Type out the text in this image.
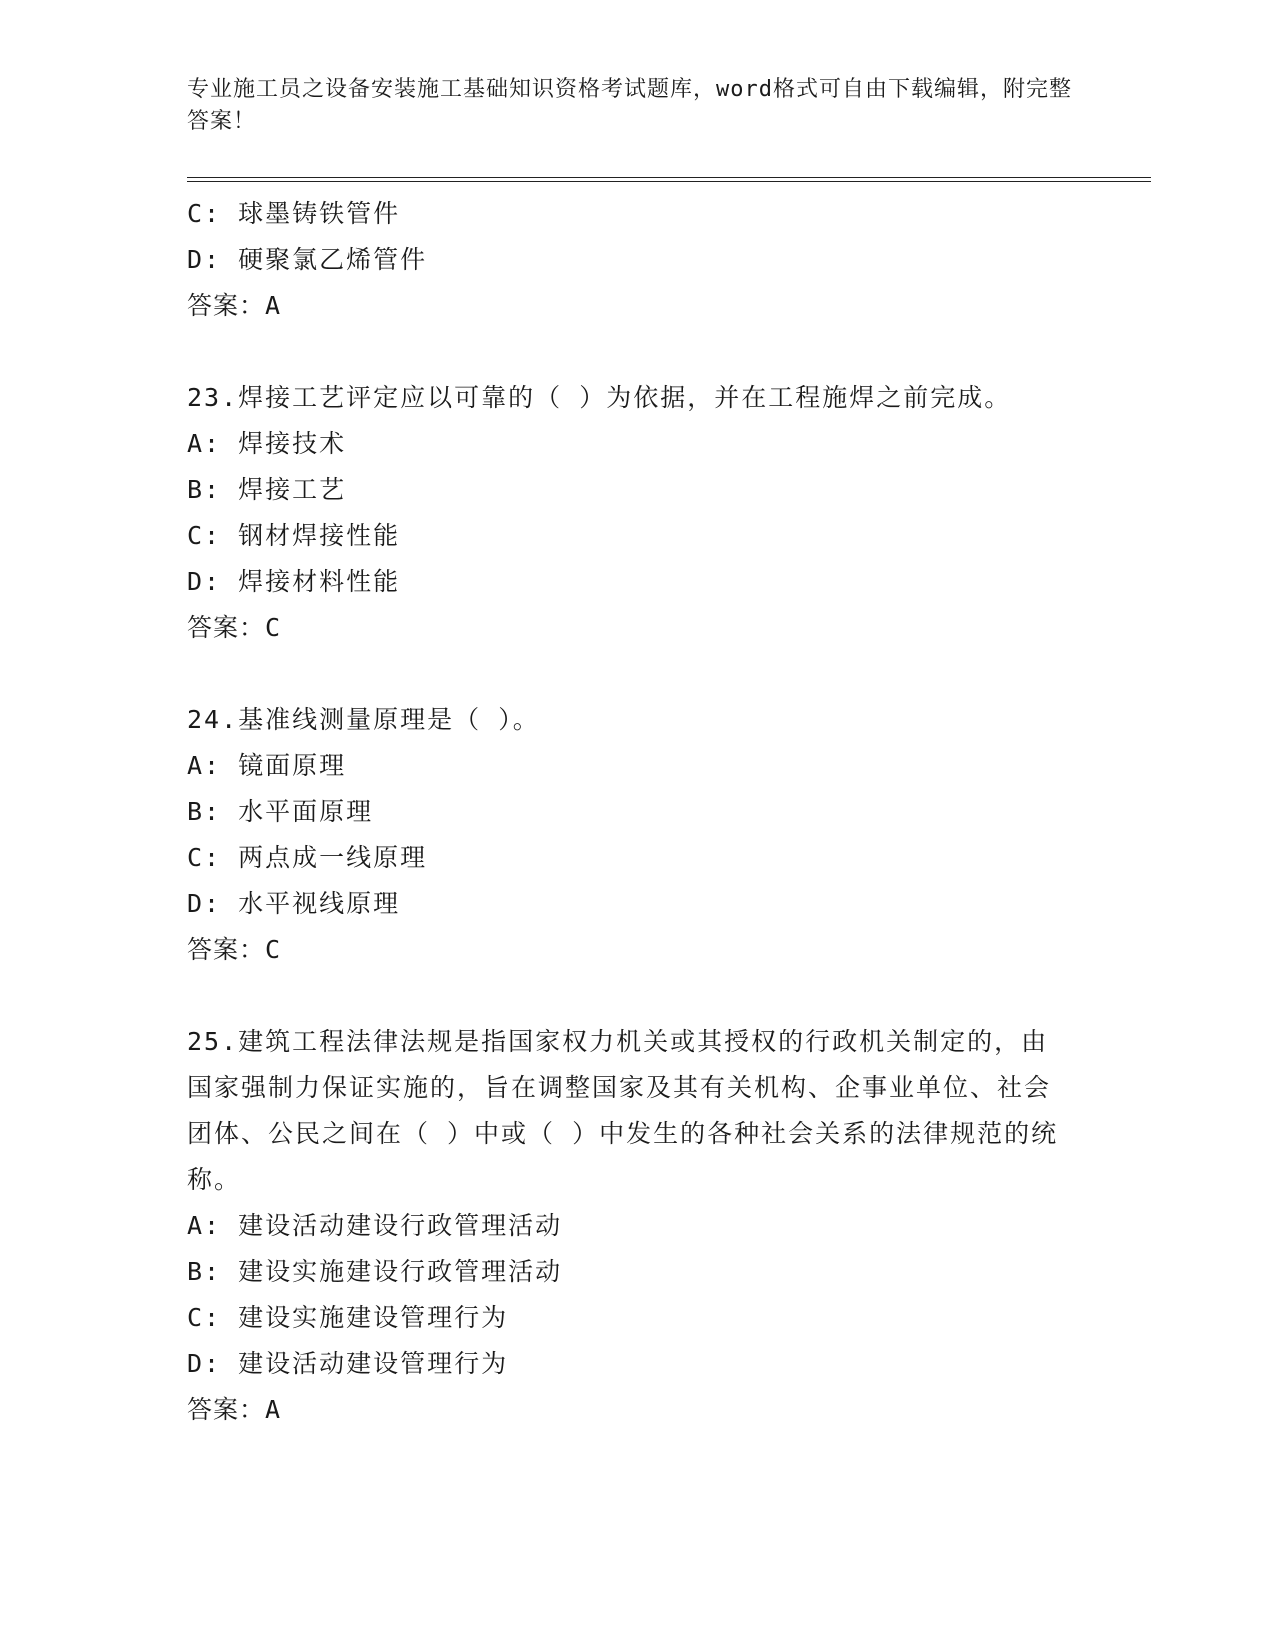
专业施工员之设备安装施工基础知识资格考试题库，word格式可自由下载编辑，附完整答案！
C: 球墨铸铁管件
D: 硬聚氯乙烯管件
答案：A
23.焊接工艺评定应以可靠的（ ）为依据，并在工程施焊之前完成。
A: 焊接技术
B: 焊接工艺
C: 钢材焊接性能
D: 焊接材料性能
答案：C
24.基准线测量原理是（ ）。
A: 镜面原理
B: 水平面原理
C: 两点成一线原理
D: 水平视线原理
答案：C
25.建筑工程法律法规是指国家权力机关或其授权的行政机关制定的，由国家强制力保证实施的，旨在调整国家及其有关机构、企事业单位、社会团体、公民之间在（ ）中或（ ）中发生的各种社会关系的法律规范的统称。
A: 建设活动建设行政管理活动
B: 建设实施建设行政管理活动
C: 建设实施建设管理行为
D: 建设活动建设管理行为
答案：A
